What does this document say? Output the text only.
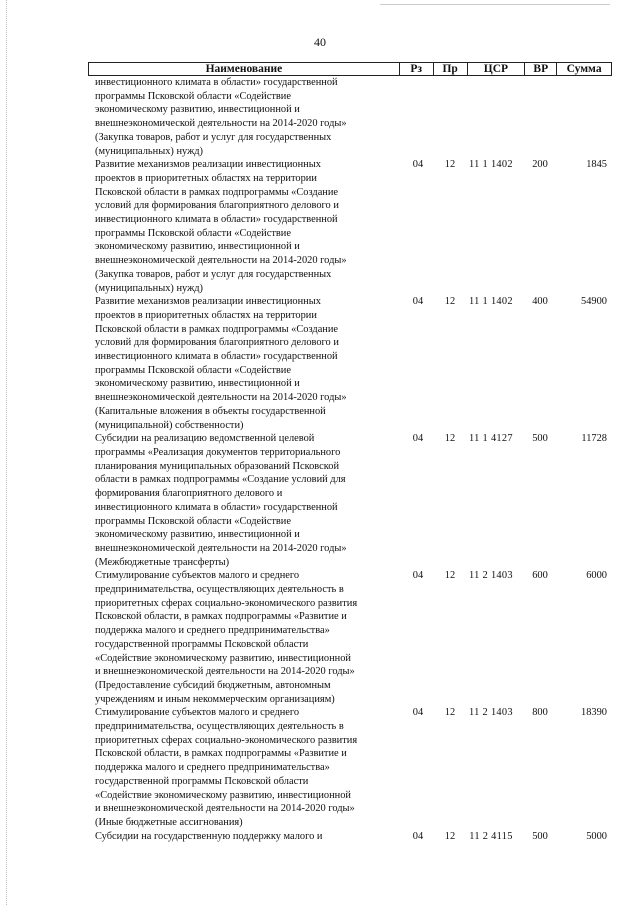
40
Наименование	Рз	Пр	ЦСР	ВР	Сумма
инвестиционного климата в области» государственной
программы Псковской области «Содействие
экономическому развитию, инвестиционной и
внешнеэкономической деятельности на 2014-2020 годы»
(Закупка товаров, работ и услуг для государственных
(муниципальных) нужд)
Развитие механизмов реализации инвестиционных
проектов в приоритетных областях на территории
Псковской области в рамках подпрограммы «Создание
условий для формирования благоприятного делового и
инвестиционного климата в области» государственной
программы Псковской области «Содействие
экономическому развитию, инвестиционной и
внешнеэкономической деятельности на 2014-2020 годы»
(Закупка товаров, работ и услуг для государственных
(муниципальных) нужд)
04	12	11 1 1402	200	1845
Развитие механизмов реализации инвестиционных
проектов в приоритетных областях на территории
Псковской области в рамках подпрограммы «Создание
условий для формирования благоприятного делового и
инвестиционного климата в области» государственной
программы Псковской области «Содействие
экономическому развитию, инвестиционной и
внешнеэкономической деятельности на 2014-2020 годы»
(Капитальные вложения в объекты государственной
(муниципальной) собственности)
04	12	11 1 1402	400	54900
Субсидии на реализацию ведомственной целевой
программы «Реализация документов территориального
планирования муниципальных образований Псковской
области в рамках подпрограммы «Создание условий для
формирования благоприятного делового и
инвестиционного климата в области» государственной
программы Псковской области «Содействие
экономическому развитию, инвестиционной и
внешнеэкономической деятельности на 2014-2020 годы»
(Межбюджетные трансферты)
04	12	11 1 4127	500	11728
Стимулирование субъектов малого и среднего
предпринимательства, осуществляющих деятельность в
приоритетных сферах социально-экономического развития
Псковской области, в рамках подпрограммы «Развитие и
поддержка малого и среднего предпринимательства»
государственной программы Псковской области
«Содействие экономическому развитию, инвестиционной
и внешнеэкономической деятельности на 2014-2020 годы»
(Предоставление субсидий бюджетным, автономным
учреждениям и иным некоммерческим организациям)
04	12	11 2 1403	600	6000
Стимулирование субъектов малого и среднего
предпринимательства, осуществляющих деятельность в
приоритетных сферах социально-экономического развития
Псковской области, в рамках подпрограммы «Развитие и
поддержка малого и среднего предпринимательства»
государственной программы Псковской области
«Содействие экономическому развитию, инвестиционной
и внешнеэкономической деятельности на 2014-2020 годы»
(Иные бюджетные ассигнования)
04	12	11 2 1403	800	18390
Субсидии на государственную поддержку малого и	04	12	11 2 4115	500	5000
